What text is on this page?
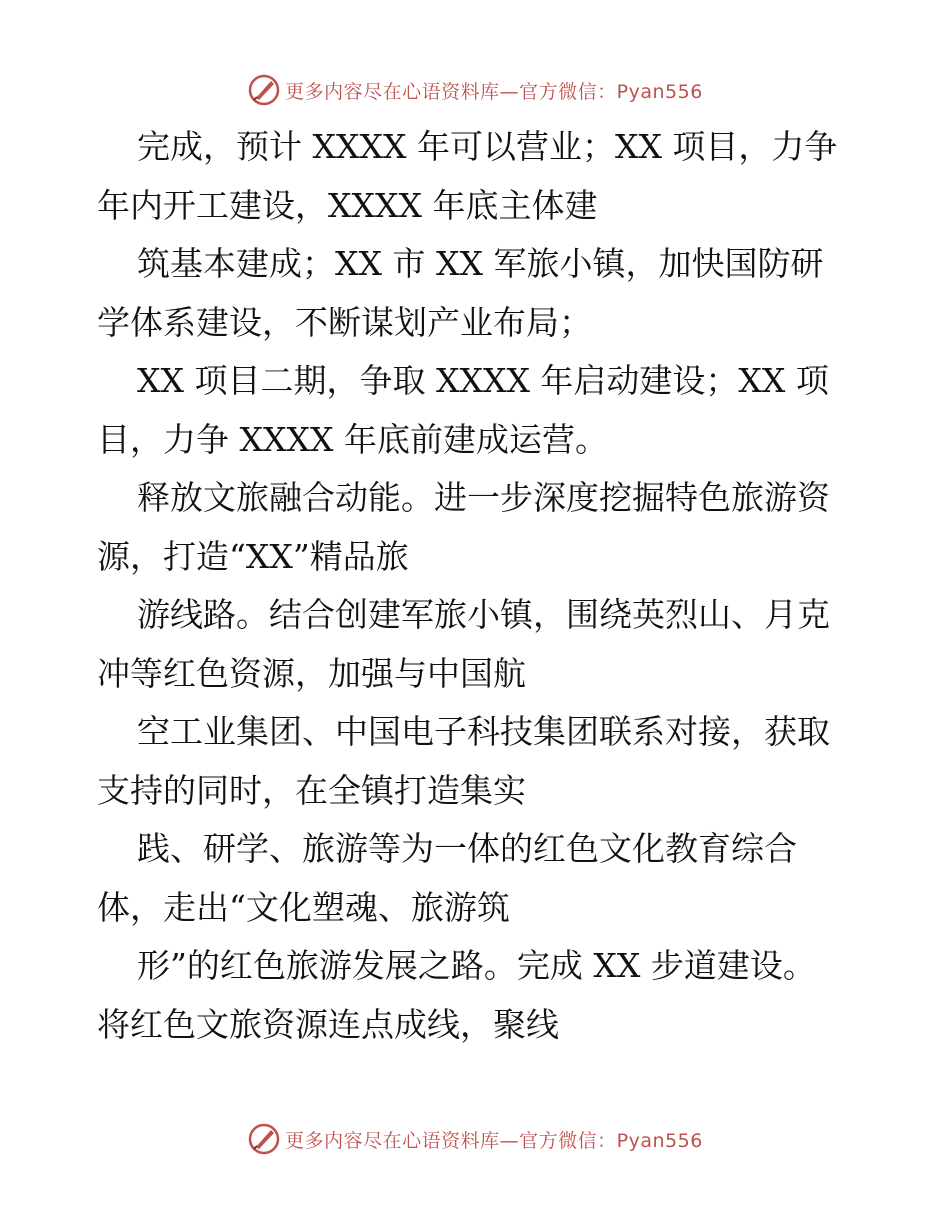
更多内容尽在心语资料库—官方微信：Pyan556
完成，预计 XXXX 年可以营业；XX 项目，力争
年内开工建设，XXXX 年底主体建
筑基本建成；XX 市 XX 军旅小镇，加快国防研
学体系建设，不断谋划产业布局；
XX 项目二期，争取 XXXX 年启动建设；XX 项
目，力争 XXXX 年底前建成运营。
释放文旅融合动能。进一步深度挖掘特色旅游资
源，打造“XX”精品旅
游线路。结合创建军旅小镇，围绕英烈山、月克
冲等红色资源，加强与中国航
空工业集团、中国电子科技集团联系对接，获取
支持的同时，在全镇打造集实
践、研学、旅游等为一体的红色文化教育综合
体，走出“文化塑魂、旅游筑
形”的红色旅游发展之路。完成 XX 步道建设。
将红色文旅资源连点成线，聚线
更多内容尽在心语资料库—官方微信：Pyan556
